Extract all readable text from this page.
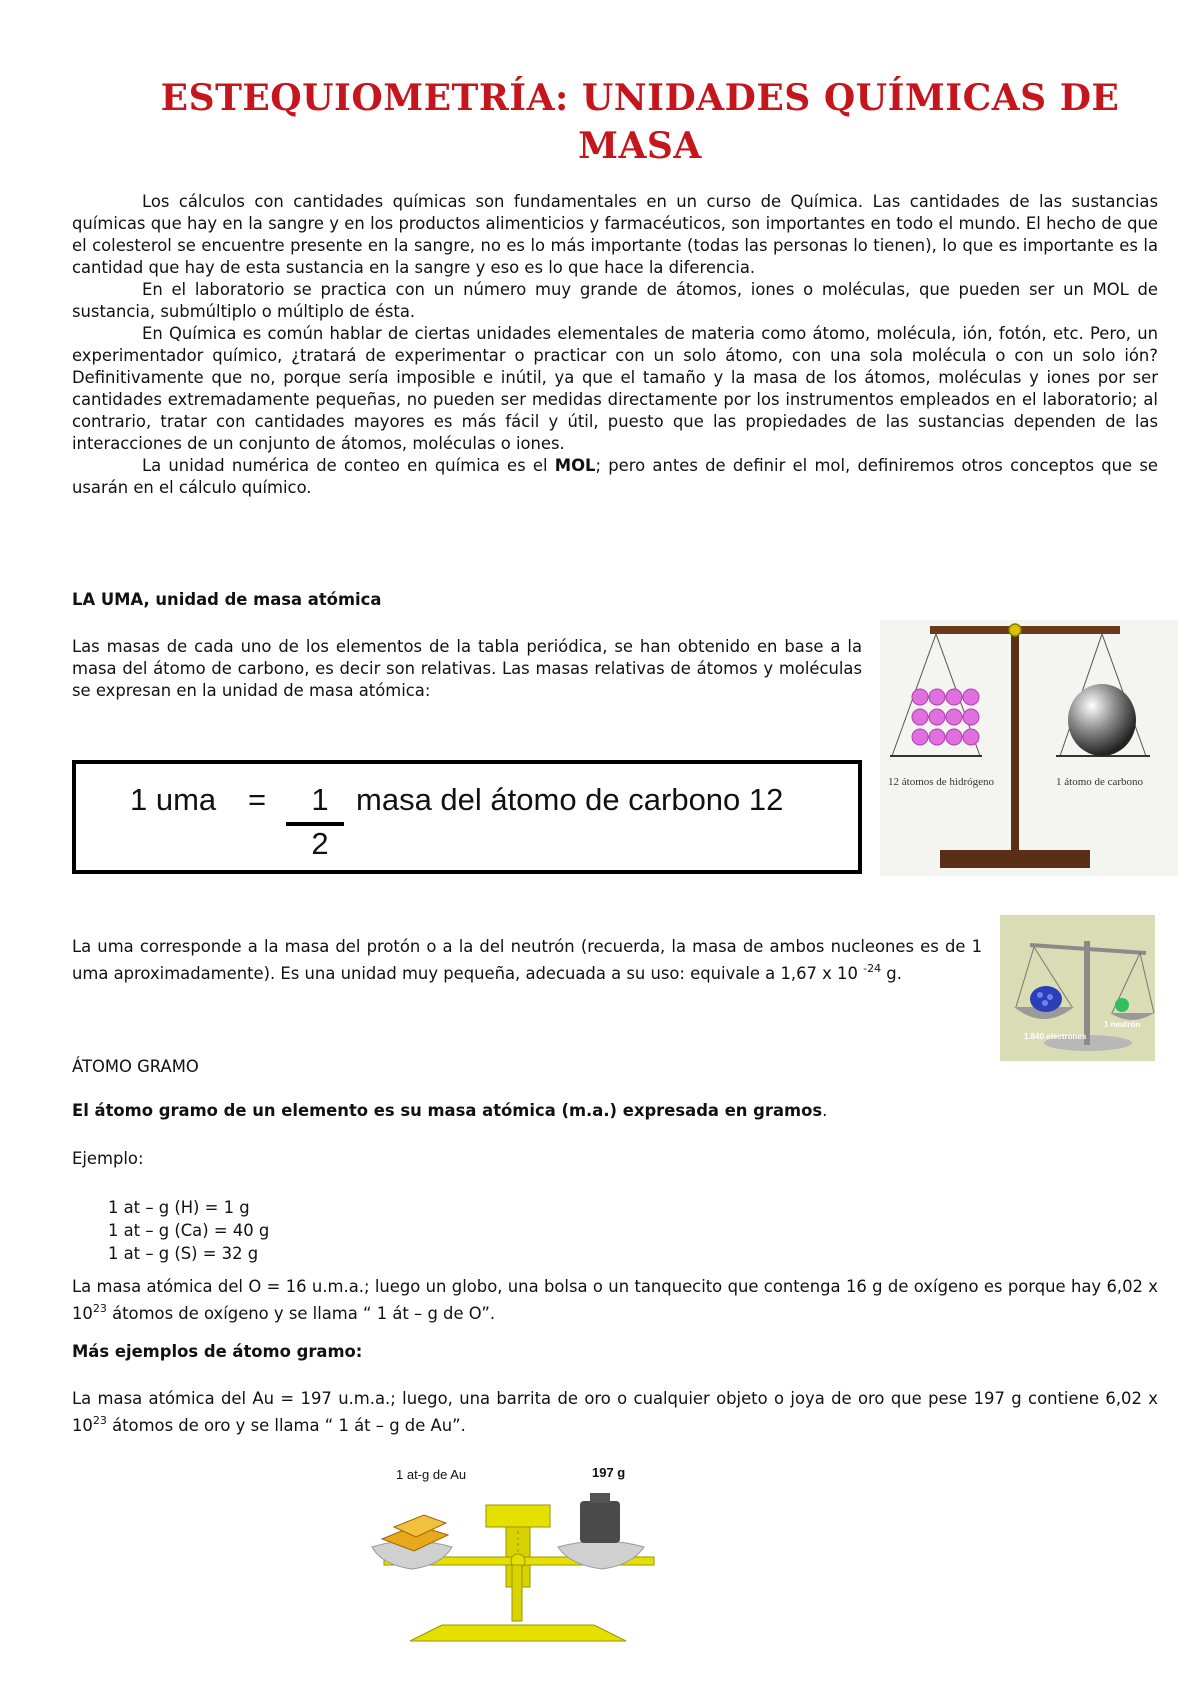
ESTEQUIOMETRÍA: UNIDADES QUÍMICAS DE MASA

Los cálculos con cantidades químicas son fundamentales en un curso de Química. Las cantidades de las sustancias químicas que hay en la sangre y en los productos alimenticios y farmacéuticos, son importantes en todo el mundo. El hecho de que el colesterol se encuentre presente en la sangre, no es lo más importante (todas las personas lo tienen), lo que es importante es la cantidad que hay de esta sustancia en la sangre y eso es lo que hace la diferencia.

En el laboratorio se practica con un número muy grande de átomos, iones o moléculas, que pueden ser un MOL de sustancia, submúltiplo o múltiplo de ésta.

En Química es común hablar de ciertas unidades elementales de materia como átomo, molécula, ión, fotón, etc. Pero, un experimentador químico, ¿tratará de experimentar o practicar con un solo átomo, con una sola molécula o con un solo ión? Definitivamente que no, porque sería imposible e inútil, ya que el tamaño y la masa de los átomos, moléculas y iones por ser cantidades extremadamente pequeñas, no pueden ser medidas directamente por los instrumentos empleados en el laboratorio; al contrario, tratar con cantidades mayores es más fácil y útil, puesto que las propiedades de las sustancias dependen de las interacciones de un conjunto de átomos, moléculas o iones.

La unidad numérica de conteo en química es el MOL; pero antes de definir el mol, definiremos otros conceptos que se usarán en el cálculo químico.

LA UMA, unidad de masa atómica
Las masas de cada uno de los elementos de la tabla periódica, se han obtenido en base a la masa del átomo de carbono, es decir son relativas. Las masas relativas de átomos y moléculas se expresan en la unidad de masa atómica:
1 uma =	1
2
masa del átomo de carbono 12	12 átomos de hidrógeno	1 átomo de carbono
La uma corresponde a la masa del protón o a la del neutrón (recuerda, la masa de ambos nucleones es de 1 uma aproximadamente). Es una unidad muy pequeña, adecuada a su uso: equivale a 1,67 x 10 $^{-24}$ g.
1.840 electrones
1 neutrón
ÁTOMO GRAMO
El átomo gramo de un elemento es su masa atómica (m.a.) expresada en gramos.
Ejemplo:
1 at – g (H) = 1 g
1 at – g (Ca) = 40 g
1 at – g (S) = 32 g
La masa atómica del O = 16 u.m.a.; luego un globo, una bolsa o un tanquecito que contenga 16 g de oxígeno es porque hay 6,02 x $10^{23}$ átomos de oxígeno y se llama “ 1 át – g de O”.
Más ejemplos de átomo gramo:
La masa atómica del Au = 197 u.m.a.; luego, una barrita de oro o cualquier objeto o joya de oro que pese 197 g contiene 6,02 x $10^{23}$ átomos de oro y se llama “ 1 át – g de Au”.
1 at-g de Au	197 g
